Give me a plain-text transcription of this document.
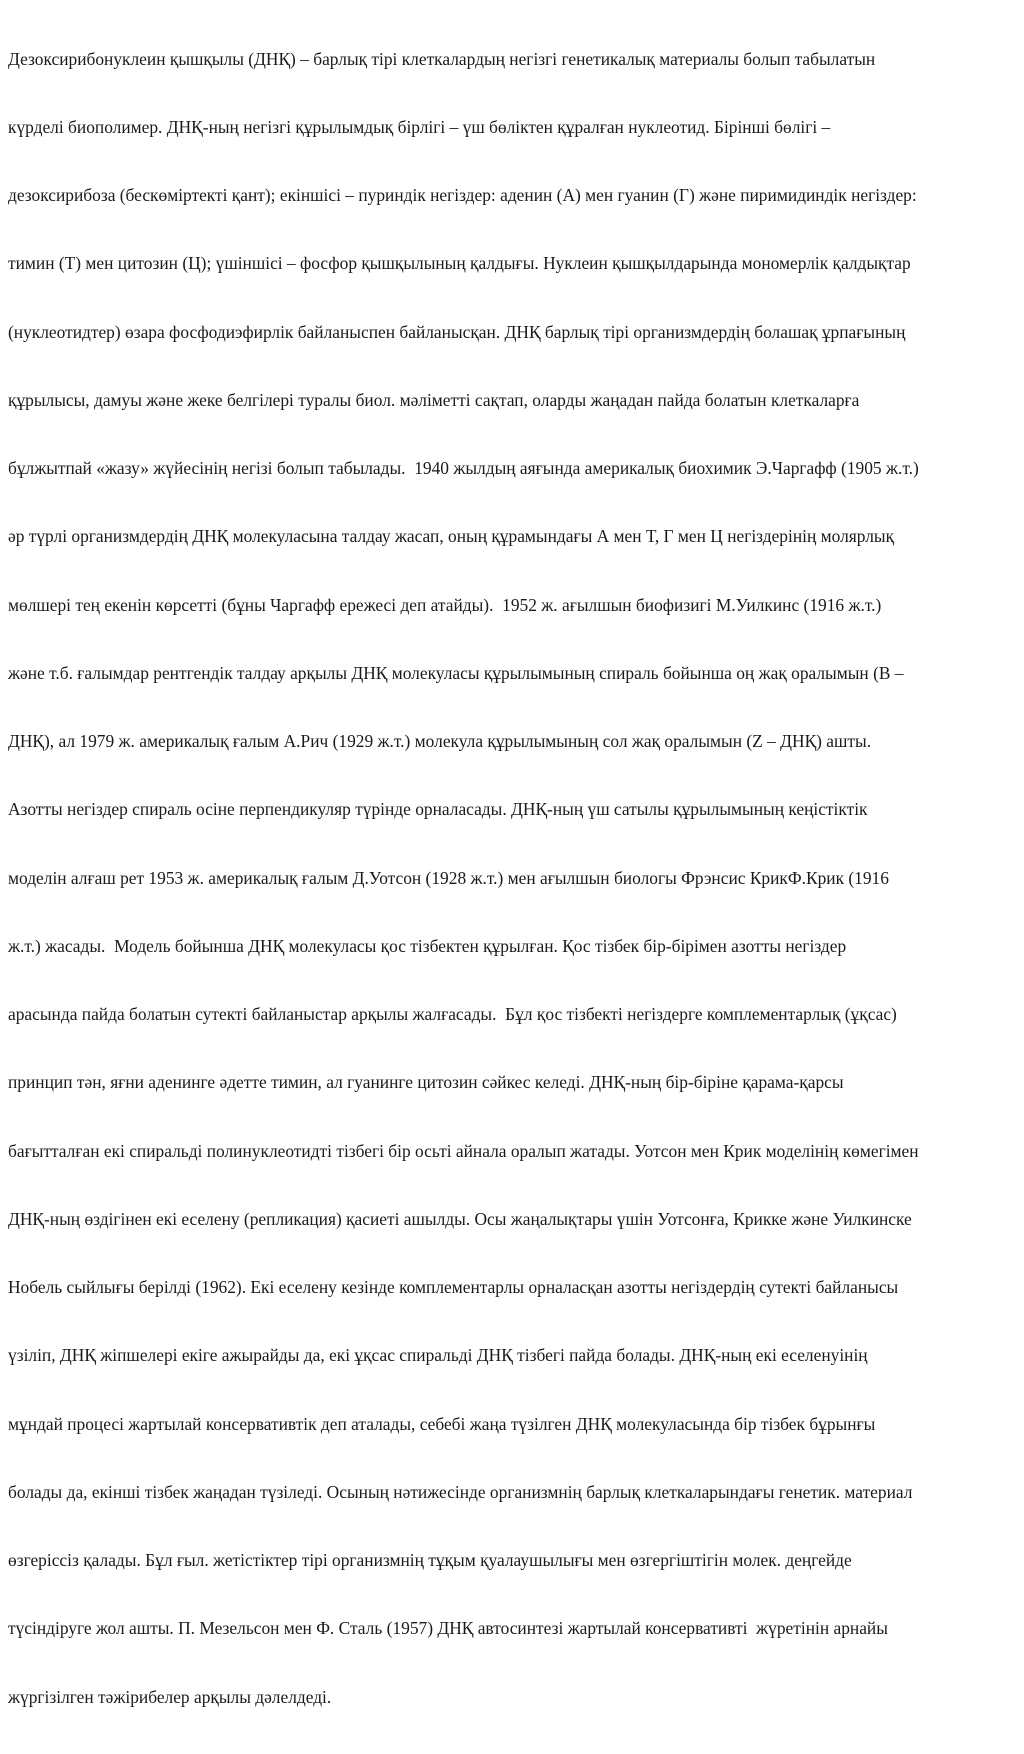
Дезоксирибонуклеин қышқылы (ДНҚ) – барлық тірі клеткалардың негізгі генетикалық материалы болып табылатын

күрделі биополимер. ДНҚ-ның негізгі құрылымдық бірлігі – үш бөліктен құралған нуклеотид. Бірінші бөлігі –

дезоксирибоза (бескөміртекті қант); екіншісі – пуриндік негіздер: аденин (А) мен гуанин (Г) және пиримидиндік негіздер:

тимин (Т) мен цитозин (Ц); үшіншісі – фосфор қышқылының қалдығы. Нуклеин қышқылдарында мономерлік қалдықтар

(нуклеотидтер) өзара фосфодиэфирлік байланыспен байланысқан. ДНҚ барлық тірі организмдердің болашақ ұрпағының

құрылысы, дамуы және жеке белгілері туралы биол. мәліметті сақтап, оларды жаңадан пайда болатын клеткаларға

бұлжытпай «жазу» жүйесінің негізі болып табылады.  1940 жылдың аяғында америкалық биохимик Э.Чаргафф (1905 ж.т.)

әр түрлі организмдердің ДНҚ молекуласына талдау жасап, оның құрамындағы А мен Т, Г мен Ц негіздерінің молярлық

мөлшері тең екенін көрсетті (бұны Чаргафф ережесі деп атайды).  1952 ж. ағылшын биофизигі М.Уилкинс (1916 ж.т.)

және т.б. ғалымдар рентгендік талдау арқылы ДНҚ молекуласы құрылымының спираль бойынша оң жақ оралымын (В –

ДНҚ), ал 1979 ж. америкалық ғалым А.Рич (1929 ж.т.) молекула құрылымының сол жақ оралымын (Z – ДНҚ) ашты.

Азотты негіздер спираль осіне перпендикуляр түрінде орналасады. ДНҚ-ның үш сатылы құрылымының кеңістіктік

моделін алғаш рет 1953 ж. америкалық ғалым Д.Уотсон (1928 ж.т.) мен ағылшын биологы Фрэнсис КрикФ.Крик (1916

ж.т.) жасады.  Модель бойынша ДНҚ молекуласы қос тізбектен құрылған. Қос тізбек бір-бірімен азотты негіздер

арасында пайда болатын сутекті байланыстар арқылы жалғасады.  Бұл қос тізбекті негіздерге комплементарлық (ұқсас)

принцип тән, яғни аденинге әдетте тимин, ал гуанинге цитозин сәйкес келеді. ДНҚ-ның бір-біріне қарама-қарсы

бағытталған екі спиральді полинуклеотидті тізбегі бір осьті айнала оралып жатады. Уотсон мен Крик моделінің көмегімен

ДНҚ-ның өздігінен екі еселену (репликация) қасиеті ашылды. Осы жаңалықтары үшін Уотсонға, Крикке және Уилкинске

Нобель сыйлығы берілді (1962). Екі еселену кезінде комплементарлы орналасқан азотты негіздердің сутекті байланысы

үзіліп, ДНҚ жіпшелері екіге ажырайды да, екі ұқсас спиральді ДНҚ тізбегі пайда болады. ДНҚ-ның екі еселенуінің

мұндай процесі жартылай консервативтік деп аталады, себебі жаңа түзілген ДНҚ молекуласында бір тізбек бұрынғы

болады да, екінші тізбек жаңадан түзіледі. Осының нәтижесінде организмнің барлық клеткаларындағы генетик. материал

өзгеріссіз қалады. Бұл ғыл. жетістіктер тірі организмнің тұқым қуалаушылығы мен өзгергіштігін молек. деңгейде

түсіндіруге жол ашты. П. Мезельсон мен Ф. Сталь (1957) ДНҚ автосинтезі жартылай консервативті  жүретінін арнайы

жүргізілген тәжірибелер арқылы дәлелдеді.
